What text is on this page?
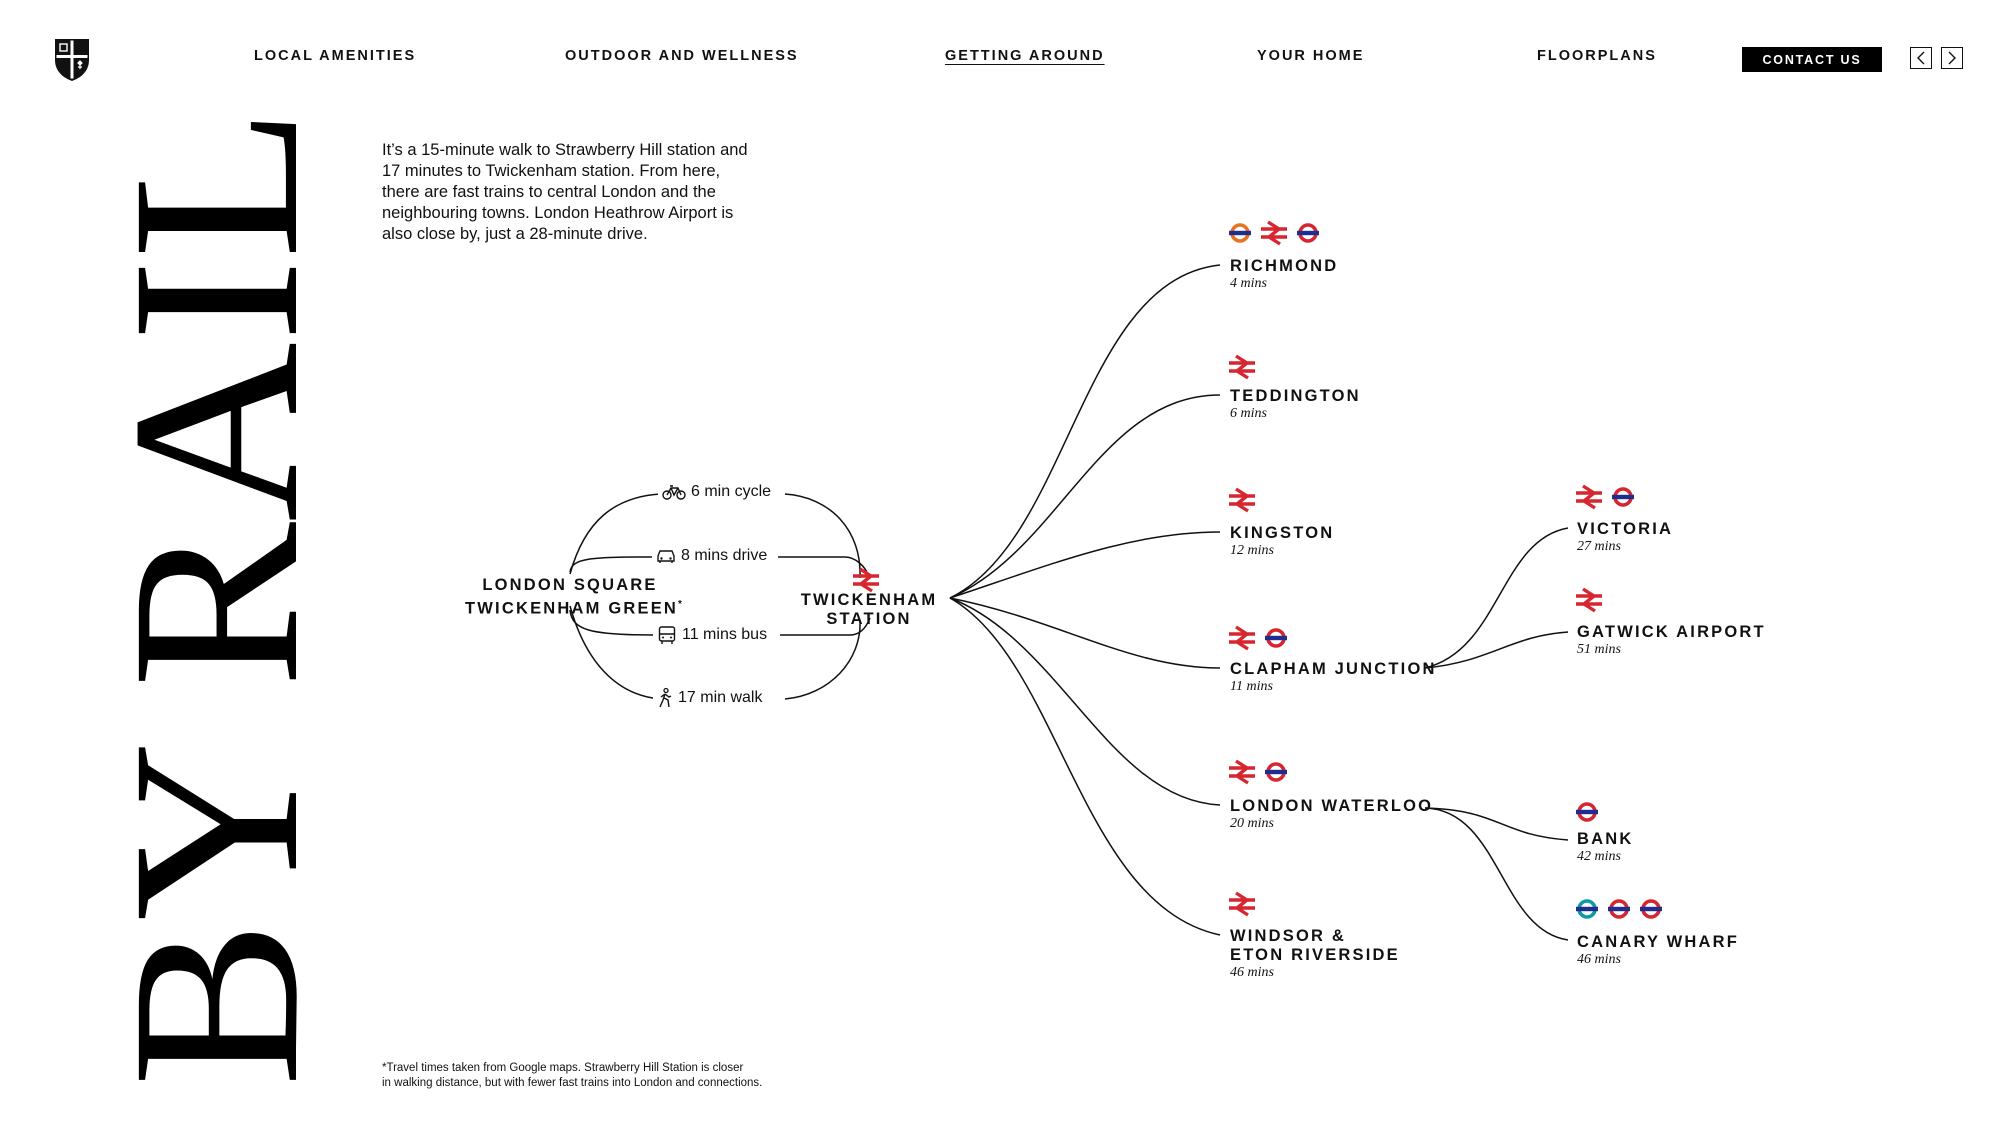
LOCAL AMENITIES	OUTDOOR AND WELLNESS	GETTING AROUND	YOUR HOME	FLOORPLANS	CONTACT US
BY RAIL It’s a 15-minute walk to Strawberry Hill station and 17 minutes to Twickenham station. From here, there are fast trains to central London and the neighbouring towns. London Heathrow Airport is also close by, just a 28-minute drive.
6 min cycle
8 mins drive
11 mins bus
17 min walk
LONDON SQUARE
TWICKENHAM GREEN*	TWICKENHAM
STATION
RICHMOND
4 mins
TEDDINGTON
6 mins
KINGSTON
12 mins
CLAPHAM JUNCTION
11 mins
LONDON WATERLOO
20 mins
WINDSOR &
ETON RIVERSIDE
46 mins
VICTORIA
27 mins
GATWICK AIRPORT
51 mins
BANK
42 mins
CANARY WHARF
46 mins
*Travel times taken from Google maps. Strawberry Hill Station is closer
in walking distance, but with fewer fast trains into London and connections.
